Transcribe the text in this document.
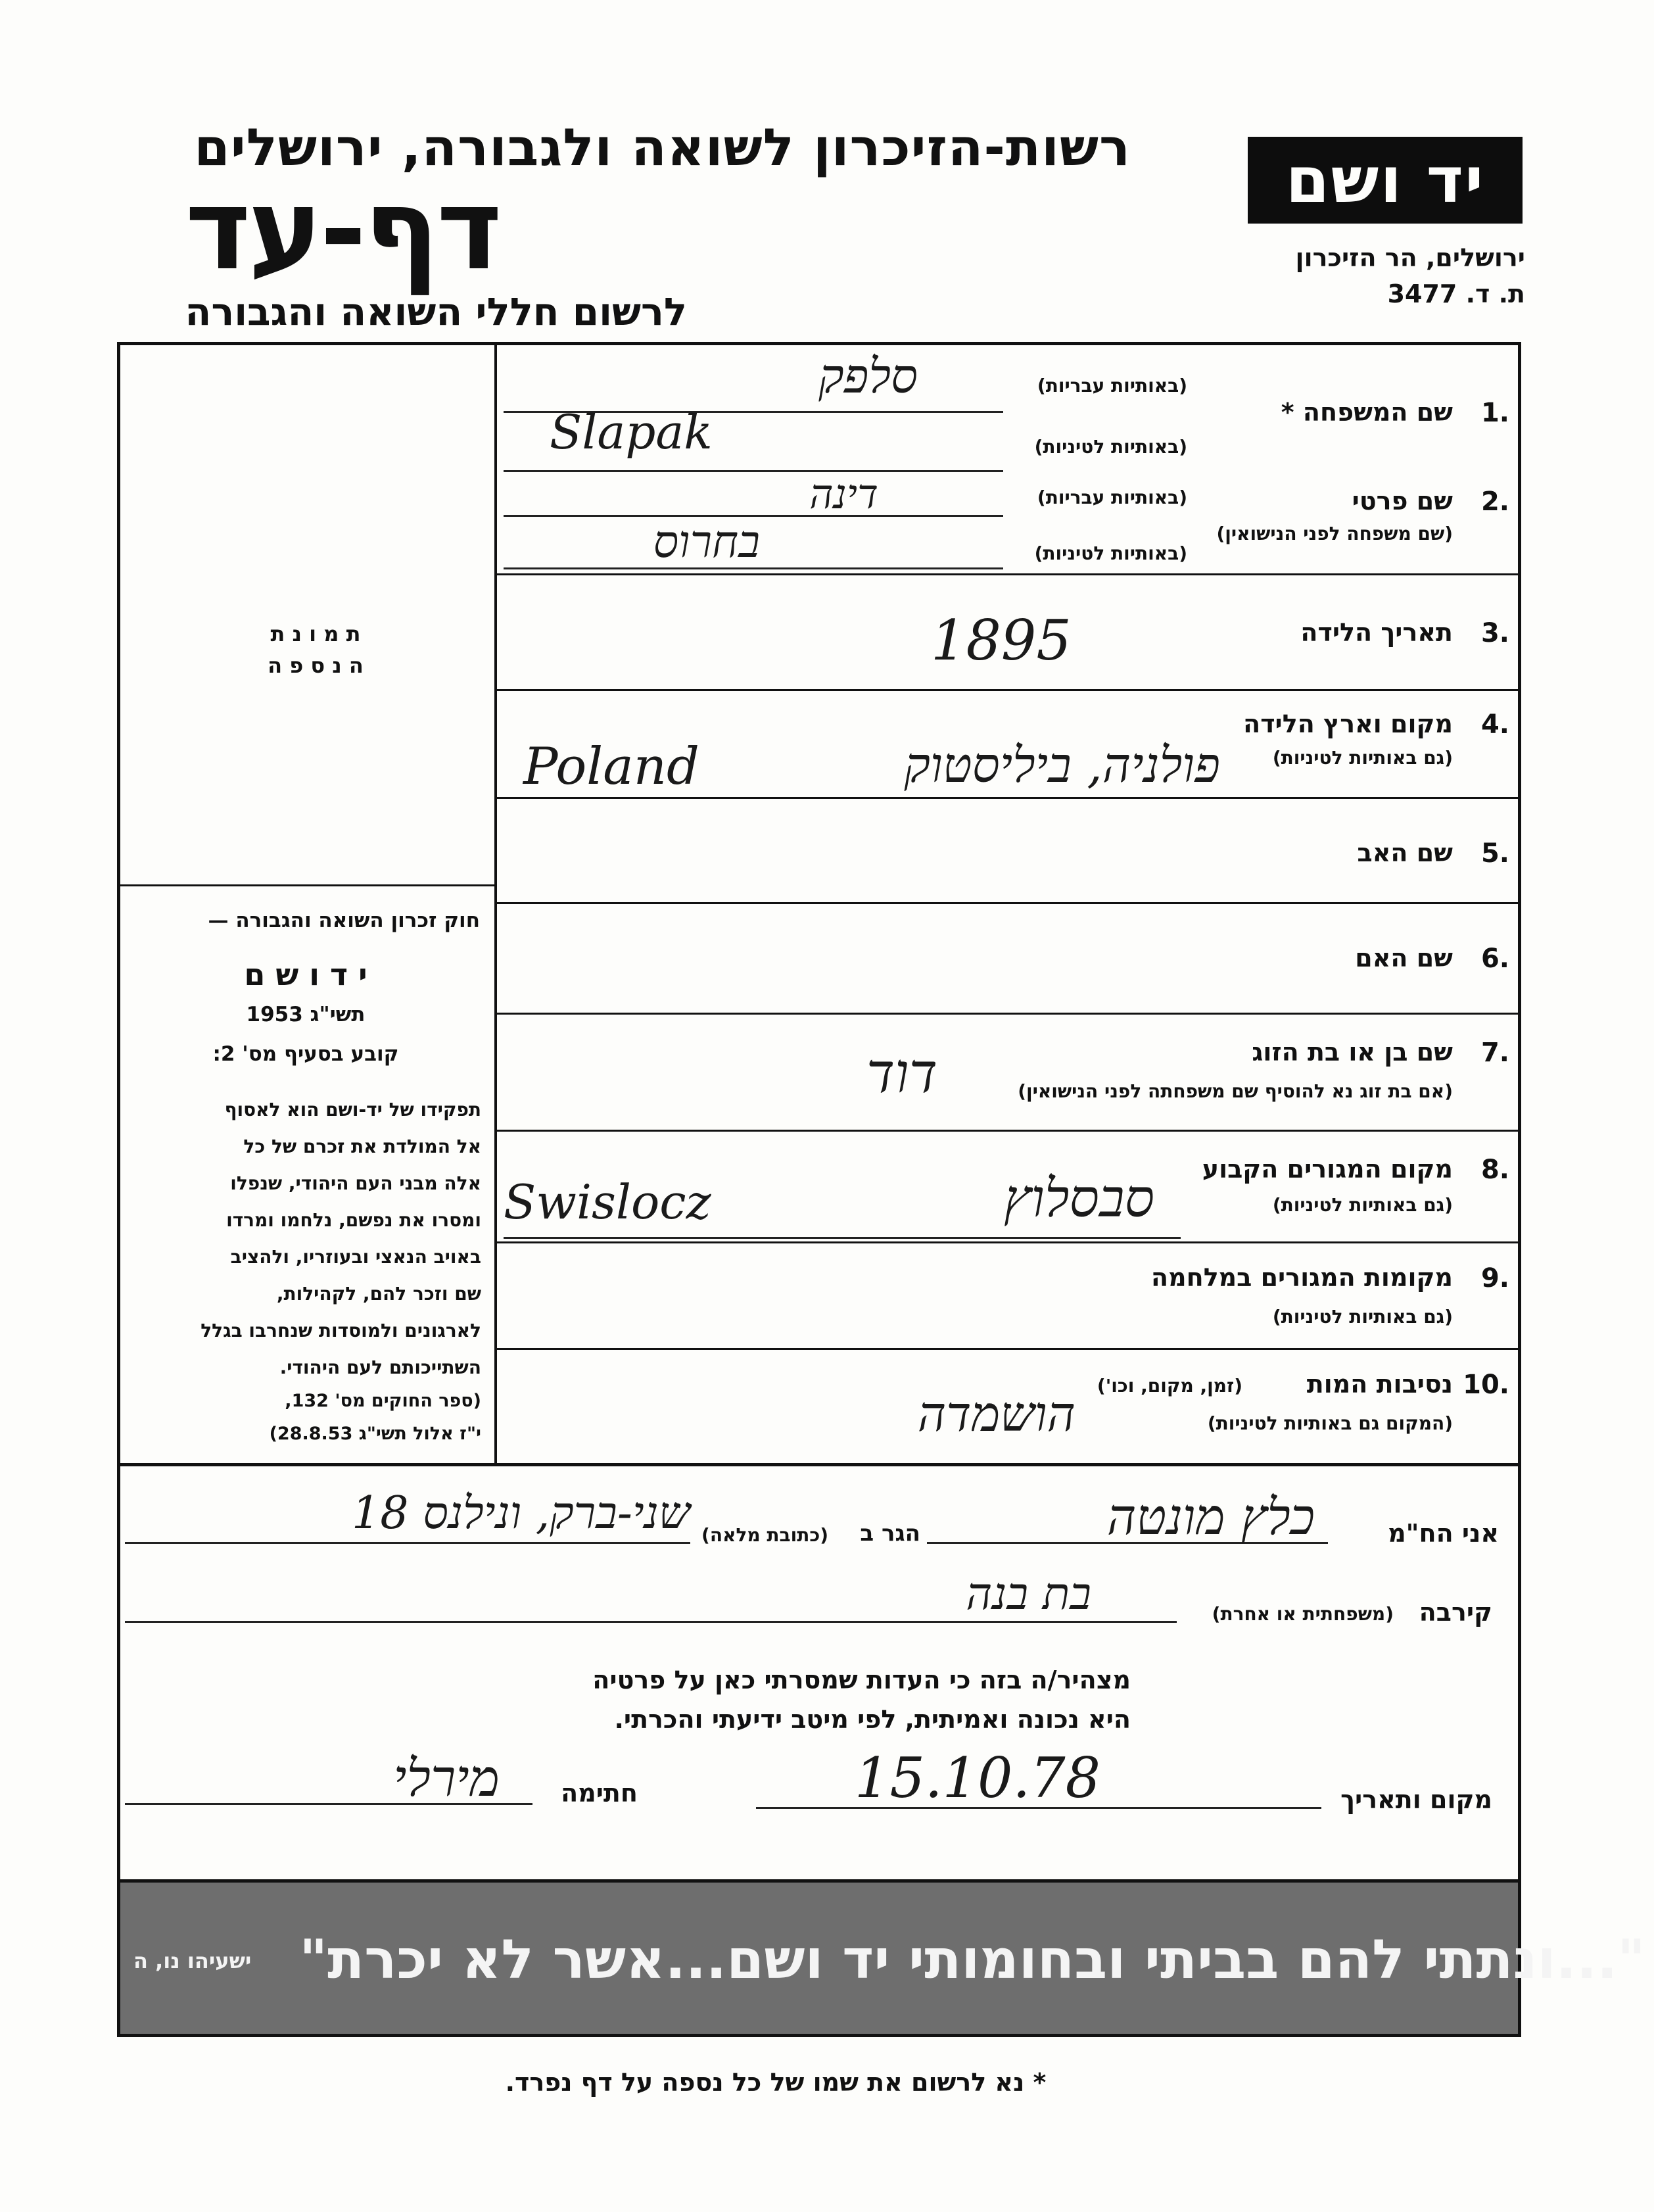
רשות-הזיכרון לשואה ולגבורה, ירושלים
דף-עד
לרשום חללי השואה והגבורה
יד ושם
ירושלים, הר הזיכרון
ת. ד. 3477
ת מ ו נ ת
ה נ ס פ ה
חוק זכרון השואה והגבורה —
י ד ו ש ם
תשי"ג 1953
קובע בסעיף מס' 2:
תפקידו של יד-ושם הוא לאסוף
אל המולדת את זכרם של כל
אלה מבני העם היהודי, שנפלו
ומסרו את נפשם, נלחמו ומרדו
באויב הנאצי ובעוזריו, ולהציב
שם וזכר להם, לקהילות,
לארגונים ולמוסדות שנחרבו בגלל
השתייכותם לעם היהודי.
(ספר החוקים מס' 132,
י"ז אלול תשי"ג 28.8.53)
1.
שם המשפחה *
(באותיות עבריות)
(באותיות לטיניות)
סלפק
Slapak
2.
שם פרטי
(שם משפחה לפני הנישואין)
(באותיות עבריות)
(באותיות לטיניות)
דינה
בחרוס
3.
תאריך הלידה
1895
4.
מקום וארץ הלידה
(גם באותיות לטיניות)
פולניה, ביליסטוק
Poland
5.
שם האב
6.
שם האם
7.
שם בן או בת הזוג
(אם בת זוג נא להוסיף שם משפחתה לפני הנישואין)
דוד
8.
מקום המגורים הקבוע
(גם באותיות לטיניות)
סבסלוץ
Swislocz
9.
מקומות המגורים במלחמה
(גם באותיות לטיניות)
10.
נסיבות המות
(זמן, מקום, וכו')
(המקום גם באותיות לטיניות)
הושמדה
אני הח"מ
כלץ מונטה
הגר ב
(כתובת מלאה)
שני-ברק, ונילנס 18
קירבה
(משפחתית או אחרת)
בת בנה
מצהיר/ה בזה כי העדות שמסרתי כאן על פרטיה
היא נכונה ואמיתית, לפי מיטב ידיעתי והכרתי.
מקום ותאריך
15.10.78
חתימה
מירלי
"...ונתתי להם בביתי ובחומותי יד ושם...אשר לא יכרת"
ישעיהו נו, ה
* נא לרשום את שמו של כל נספה על דף נפרד.
